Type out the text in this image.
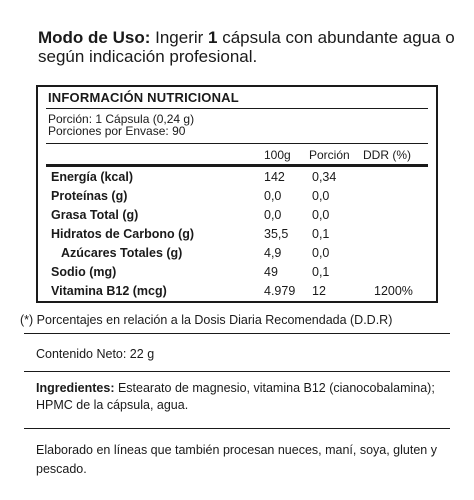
Modo de Uso: Ingerir 1 cápsula con abundante agua o según indicación profesional.
INFORMACIÓN NUTRICIONAL
Porción: 1 Cápsula (0,24 g)
Porciones por Envase: 90
100g Porción DDR (%)
Energía (kcal)	142 0,34
Proteínas (g)	0,0 0,0
Grasa Total (g)	0,0 0,0
Hidratos de Carbono (g)	35,5 0,1
Azúcares Totales (g)	4,9 0,0
Sodio (mg)	49	0,1
Vitamina B12 (mcg)	4.979 12	1200%
(*) Porcentajes en relación a la Dosis Diaria Recomendada (D.D.R)
Contenido Neto: 22 g
Ingredientes: Estearato de magnesio, vitamina B12 (cianocobalamina); HPMC de la cápsula, agua.
Elaborado en líneas que también procesan nueces, maní, soya, gluten y pescado.
